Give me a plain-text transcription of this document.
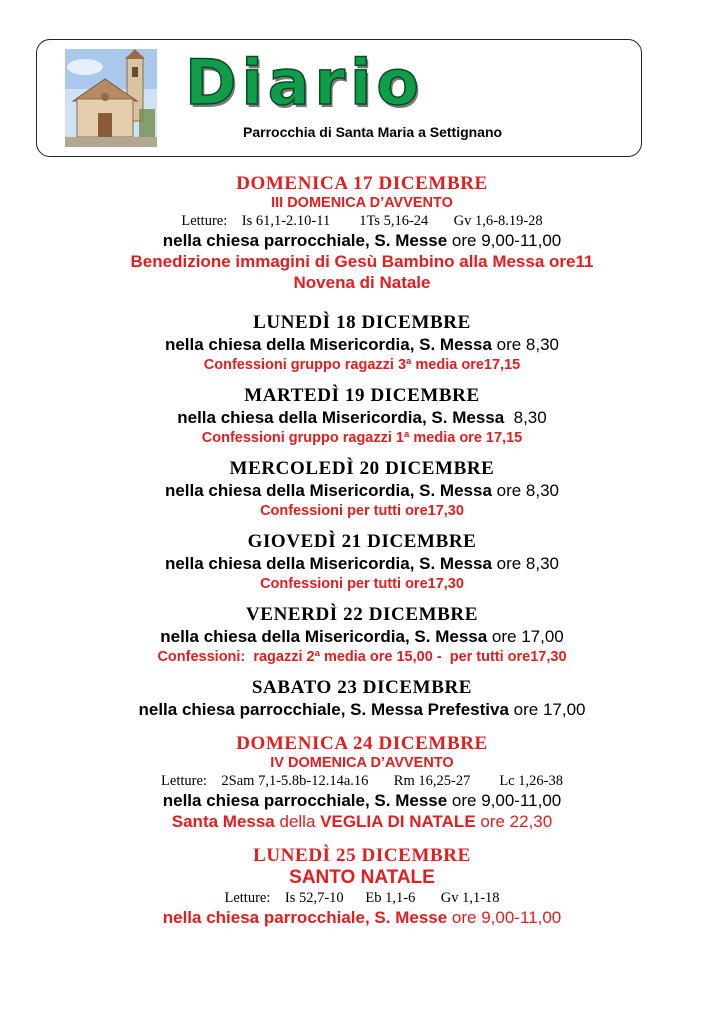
Diario
Parrocchia di Santa Maria a Settignano
DOMENICA 17 DICEMBRE
III DOMENICA D’AVVENTO
Letture:    Is 61,1-2.10-11        1Ts 5,16-24       Gv 1,6-8.19-28
nella chiesa parrocchiale, S. Messe ore 9,00-11,00
Benedizione immagini di Gesù Bambino alla Messa ore11
Novena di Natale
LUNEDÌ 18 DICEMBRE
nella chiesa della Misericordia, S. Messa ore 8,30
Confessioni gruppo ragazzi 3ª media ore17,15
MARTEDÌ 19 DICEMBRE
nella chiesa della Misericordia, S. Messa  8,30
Confessioni gruppo ragazzi 1ª media ore 17,15
MERCOLEDÌ 20 DICEMBRE
nella chiesa della Misericordia, S. Messa ore 8,30
Confessioni per tutti ore17,30
GIOVEDÌ 21 DICEMBRE
nella chiesa della Misericordia, S. Messa ore 8,30
Confessioni per tutti ore17,30
VENERDÌ 22 DICEMBRE
nella chiesa della Misericordia, S. Messa ore 17,00
Confessioni:  ragazzi 2ª media ore 15,00 -  per tutti ore17,30
SABATO 23 DICEMBRE
nella chiesa parrocchiale, S. Messa Prefestiva ore 17,00
DOMENICA 24 DICEMBRE
IV DOMENICA D’AVVENTO
Letture:    2Sam 7,1-5.8b-12.14a.16       Rm 16,25-27        Lc 1,26-38
nella chiesa parrocchiale, S. Messe ore 9,00-11,00
Santa Messa della VEGLIA DI NATALE ore 22,30
LUNEDÌ 25 DICEMBRE
SANTO NATALE
Letture:    Is 52,7-10      Eb 1,1-6       Gv 1,1-18
nella chiesa parrocchiale, S. Messe ore 9,00-11,00
